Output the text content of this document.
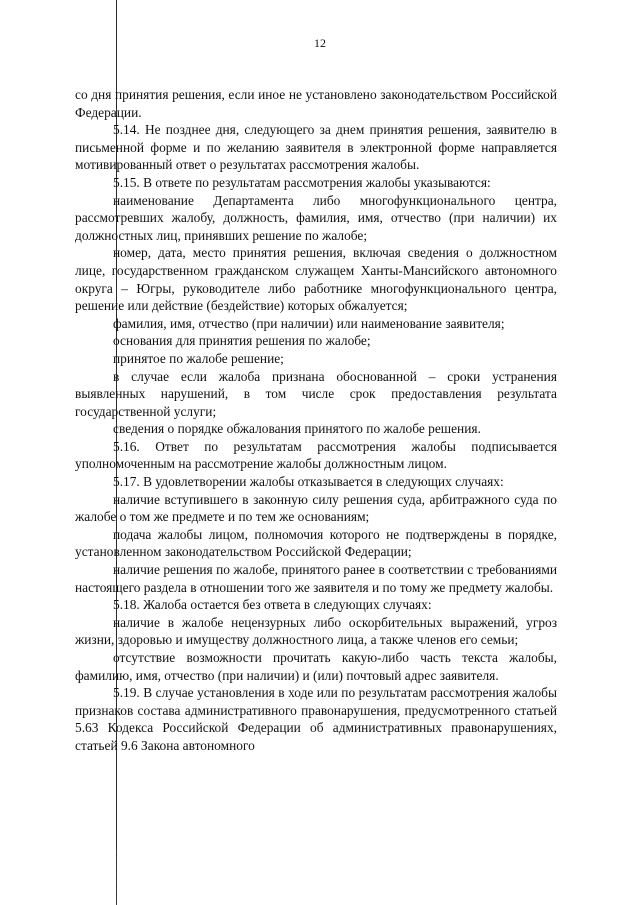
12

со дня принятия решения, если иное не установлено законодательством Российской Федерации.

5.14. Не позднее дня, следующего за днем принятия решения, заявителю в письменной форме и по желанию заявителя в электронной форме направляется мотивированный ответ о результатах рассмотрения жалобы.

5.15. В ответе по результатам рассмотрения жалобы указываются:

наименование Департамента либо многофункционального центра, рассмотревших жалобу, должность, фамилия, имя, отчество (при наличии) их должностных лиц, принявших решение по жалобе;

номер, дата, место принятия решения, включая сведения о должностном лице, государственном гражданском служащем Ханты-Мансийского автономного округа – Югры, руководителе либо работнике многофункционального центра, решение или действие (бездействие) которых обжалуется;

фамилия, имя, отчество (при наличии) или наименование заявителя;

основания для принятия решения по жалобе;

принятое по жалобе решение;

в случае если жалоба признана обоснованной – сроки устранения выявленных нарушений, в том числе срок предоставления результата государственной услуги;

сведения о порядке обжалования принятого по жалобе решения.

5.16. Ответ по результатам рассмотрения жалобы подписывается уполномоченным на рассмотрение жалобы должностным лицом.

5.17. В удовлетворении жалобы отказывается в следующих случаях:

наличие вступившего в законную силу решения суда, арбитражного суда по жалобе о том же предмете и по тем же основаниям;

подача жалобы лицом, полномочия которого не подтверждены в порядке, установленном законодательством Российской Федерации;

наличие решения по жалобе, принятого ранее в соответствии с требованиями настоящего раздела в отношении того же заявителя и по тому же предмету жалобы.

5.18. Жалоба остается без ответа в следующих случаях:

наличие в жалобе нецензурных либо оскорбительных выражений, угроз жизни, здоровью и имуществу должностного лица, а также членов его семьи;

отсутствие возможности прочитать какую-либо часть текста жалобы, фамилию, имя, отчество (при наличии) и (или) почтовый адрес заявителя.

5.19. В случае установления в ходе или по результатам рассмотрения жалобы признаков состава административного правонарушения, предусмотренного статьей 5.63 Кодекса Российской Федерации об административных правонарушениях, статьей 9.6 Закона автономного
